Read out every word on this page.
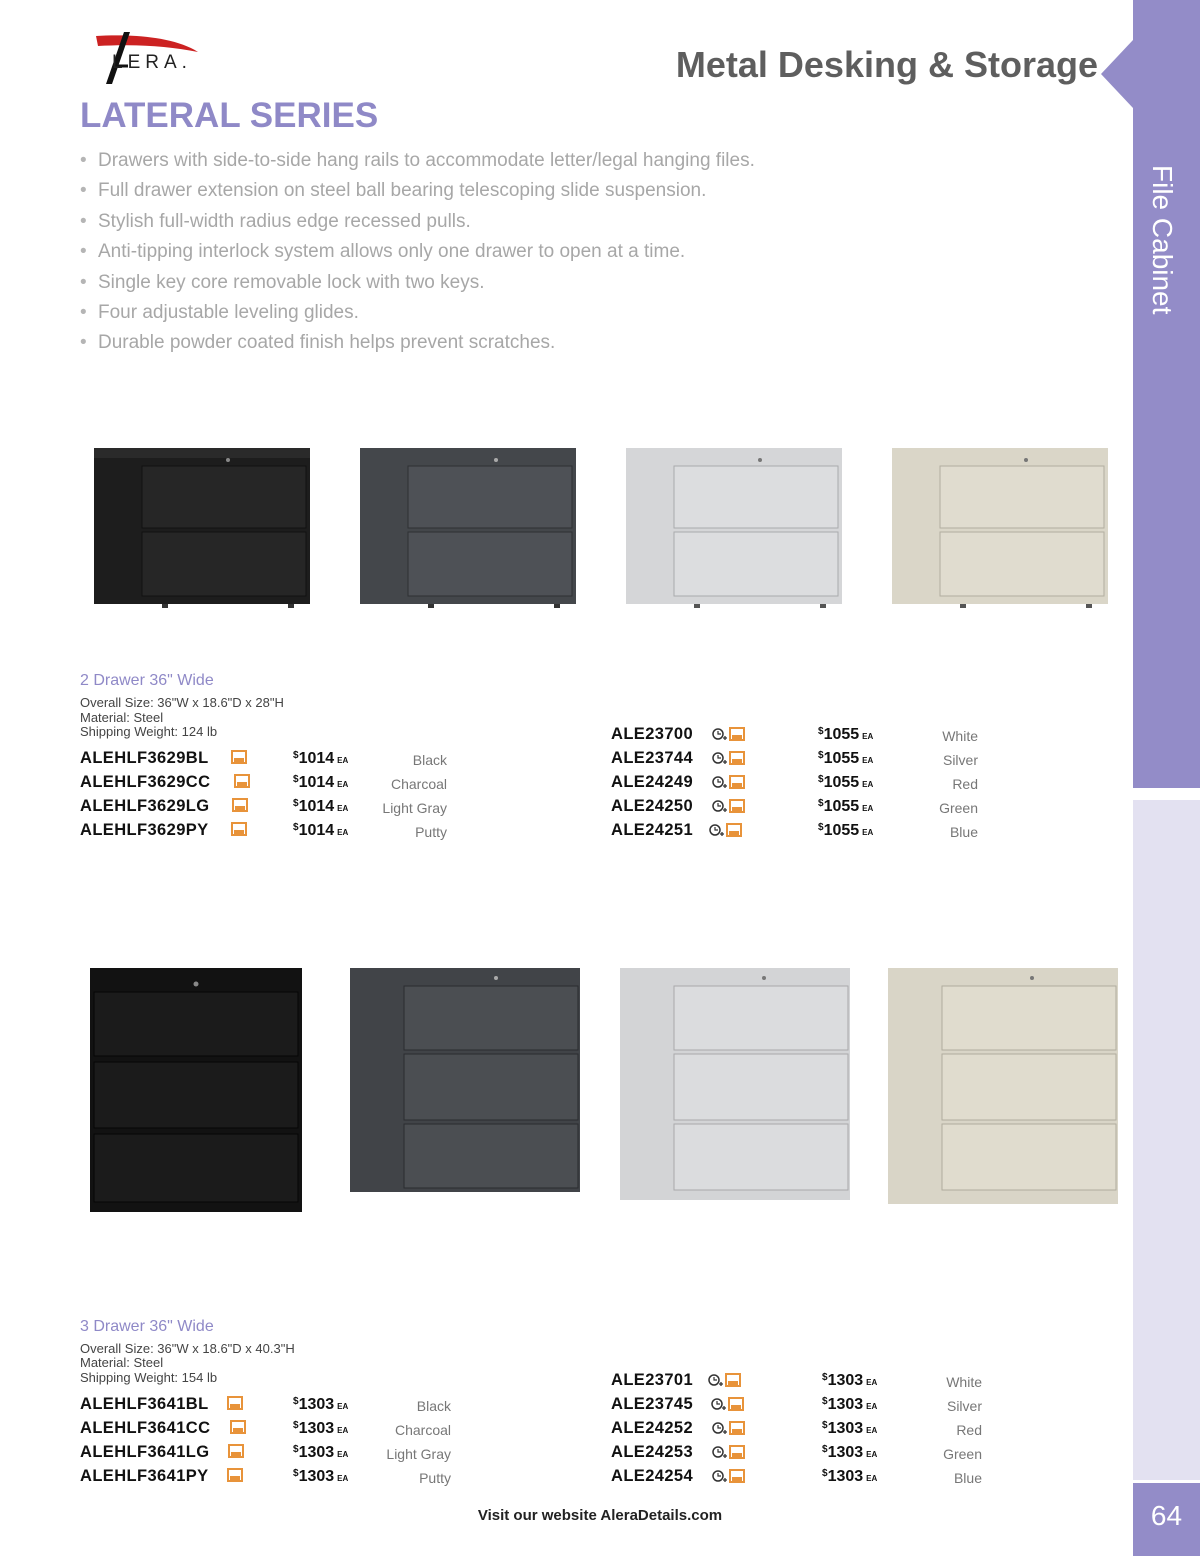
LERA.	Metal Desking & Storage
LATERAL SERIES
• Drawers with side-to-side hang rails to accommodate letter/legal hanging files.
• Full drawer extension on steel ball bearing telescoping slide suspension.
• Stylish full-width radius edge recessed pulls.
• Anti-tipping interlock system allows only one drawer to open at a time.
• Single key core removable lock with two keys.
• Four adjustable leveling glides.
• Durable powder coated finish helps prevent scratches.
64
2 Drawer 36" Wide
Overall Size: 36"W x 18.6"D x 28"H
Material: Steel
Shipping Weight: 124 lb
ALEHLF3629BL
ALEHLF3629CC
ALEHLF3629LG
ALEHLF3629PY
$1014 EA
$1014 EA
$1014 EA
$1014 EA
Black
Charcoal
Light Gray
Putty
ALE23700
ALE23744
ALE24249
ALE24250
ALE24251
$1055 EA
$1055 EA
$1055 EA
$1055 EA
$1055 EA
White
Silver
Red
Green
Blue
3 Drawer 36" Wide
Overall Size: 36"W x 18.6"D x 40.3"H
Material: Steel
Shipping Weight: 154 lb
ALEHLF3641BL
ALEHLF3641CC
ALEHLF3641LG
ALEHLF3641PY
$1303 EA
$1303 EA
$1303 EA
$1303 EA
Black
Charcoal
Light Gray
Putty
ALE23701
ALE23745
ALE24252
ALE24253
ALE24254
$1303 EA
$1303 EA
$1303 EA
$1303 EA
$1303 EA
White
Silver
Red
Green
Blue
Visit our website AleraDetails.com
